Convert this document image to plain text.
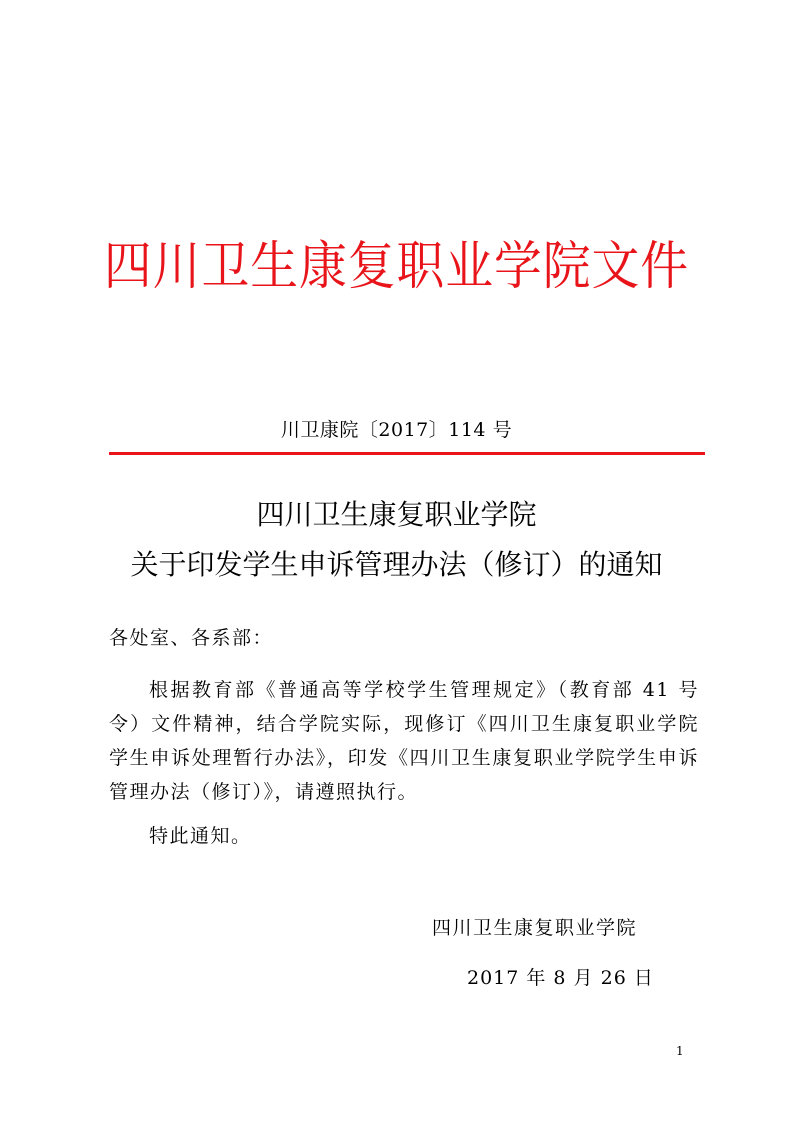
四川卫生康复职业学院文件
川卫康院〔2017〕114 号
四川卫生康复职业学院
关于印发学生申诉管理办法（修订）的通知
各处室、各系部：
根据教育部《普通高等学校学生管理规定》（教育部 41 号令）文件精神，结合学院实际，现修订《四川卫生康复职业学院学生申诉处理暂行办法》，印发《四川卫生康复职业学院学生申诉管理办法（修订）》，请遵照执行。
特此通知。
四川卫生康复职业学院
2017 年 8 月 26 日
1
